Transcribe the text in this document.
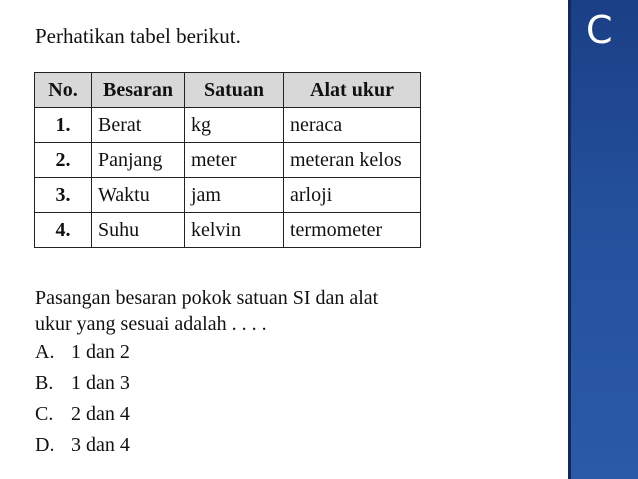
C
Perhatikan tabel berikut.
No.	Besaran	Satuan	Alat ukur
1.	Berat	kg	neraca
2.	Panjang	meter	meteran kelos
3.	Waktu	jam	arloji
4.	Suhu	kelvin	termometer
Pasangan besaran pokok satuan SI dan alat
ukur yang sesuai adalah . . . .
A. 1 dan 2
B. 1 dan 3
C. 2 dan 4
D. 3 dan 4
